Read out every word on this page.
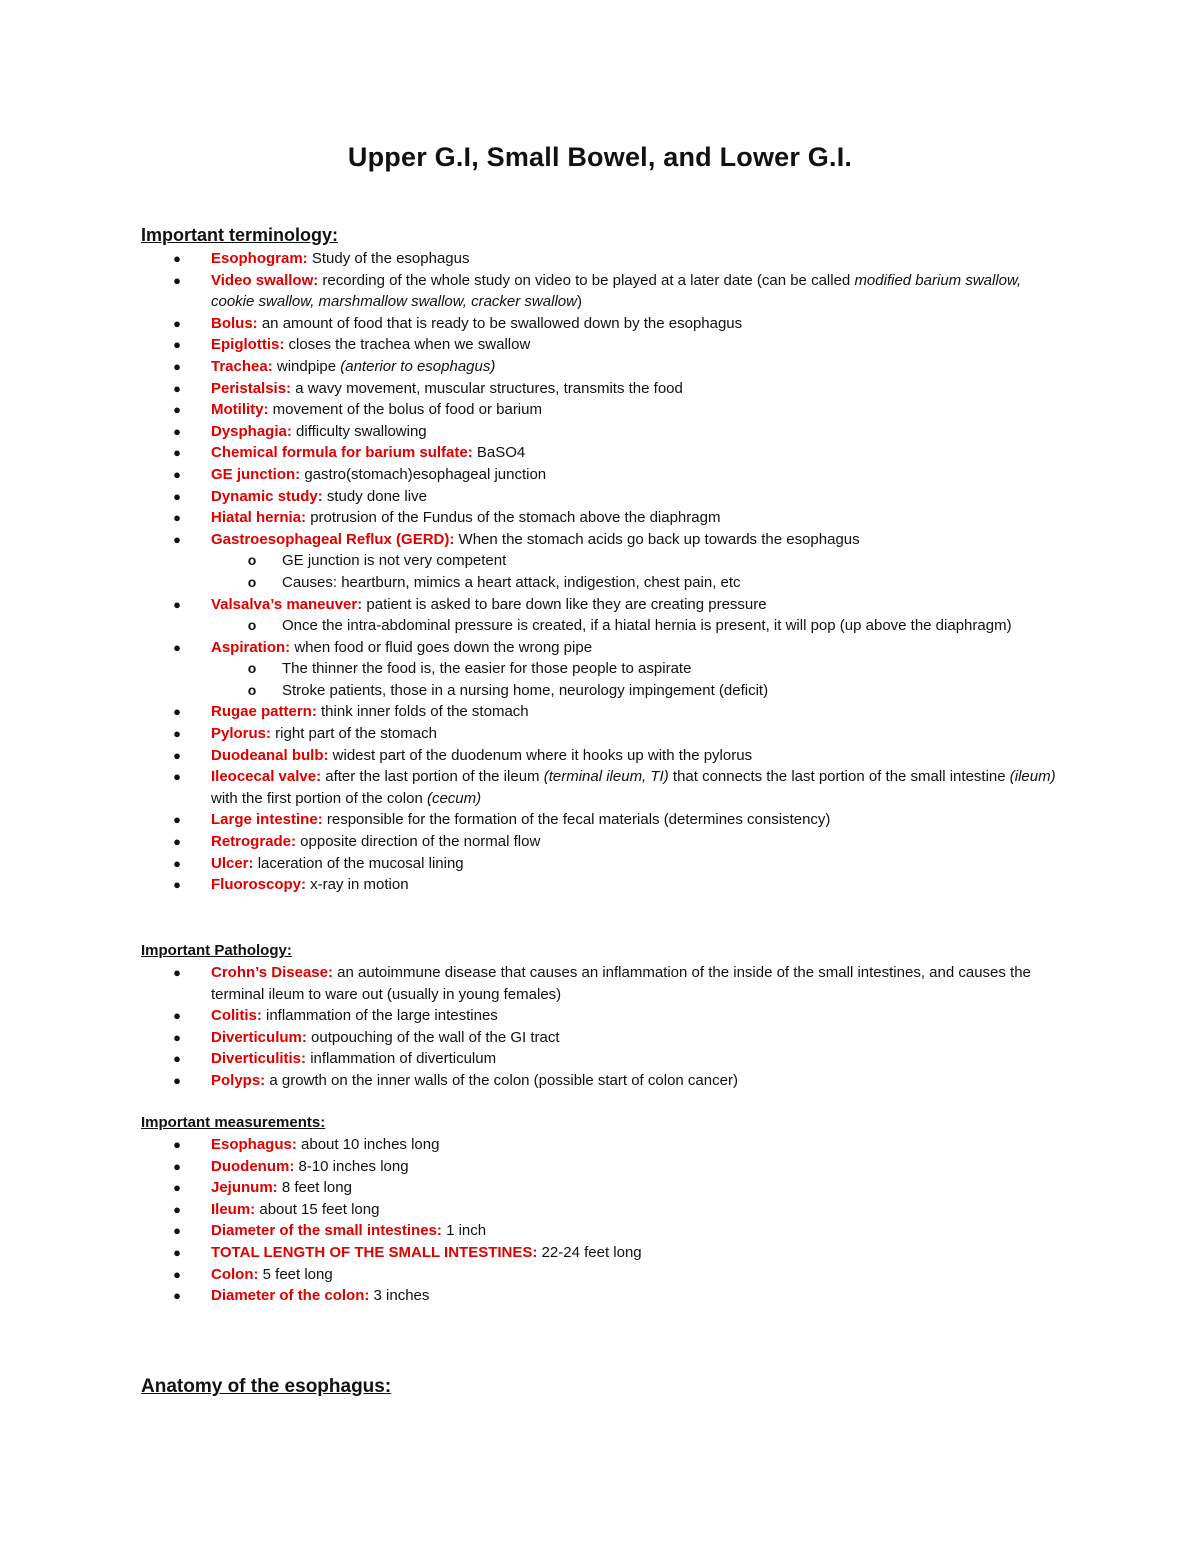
Upper G.I, Small Bowel, and Lower G.I.
Important terminology:
● Esophogram: Study of the esophagus
● Video swallow: recording of the whole study on video to be played at a later date (can be called modified barium swallow, cookie swallow, marshmallow swallow, cracker swallow)
● Bolus: an amount of food that is ready to be swallowed down by the esophagus
● Epiglottis: closes the trachea when we swallow
● Trachea: windpipe (anterior to esophagus)
● Peristalsis: a wavy movement, muscular structures, transmits the food
● Motility: movement of the bolus of food or barium
● Dysphagia: difficulty swallowing
● Chemical formula for barium sulfate: BaSO4
● GE junction: gastro(stomach)esophageal junction
● Dynamic study: study done live
● Hiatal hernia: protrusion of the Fundus of the stomach above the diaphragm
● Gastroesophageal Reflux (GERD): When the stomach acids go back up towards the esophagus
o GE junction is not very competent
o Causes: heartburn, mimics a heart attack, indigestion, chest pain, etc
● Valsalva’s maneuver: patient is asked to bare down like they are creating pressure
o Once the intra-abdominal pressure is created, if a hiatal hernia is present, it will pop (up above the diaphragm)
● Aspiration: when food or fluid goes down the wrong pipe
o The thinner the food is, the easier for those people to aspirate
o Stroke patients, those in a nursing home, neurology impingement (deficit)
● Rugae pattern: think inner folds of the stomach
● Pylorus: right part of the stomach
● Duodeanal bulb: widest part of the duodenum where it hooks up with the pylorus
● Ileocecal valve: after the last portion of the ileum (terminal ileum, TI) that connects the last portion of the small intestine (ileum) with the first portion of the colon (cecum)
● Large intestine: responsible for the formation of the fecal materials (determines consistency)
● Retrograde: opposite direction of the normal flow
● Ulcer: laceration of the mucosal lining
● Fluoroscopy: x-ray in motion
Important Pathology:
● Crohn’s Disease: an autoimmune disease that causes an inflammation of the inside of the small intestines, and causes the terminal ileum to ware out (usually in young females)
● Colitis: inflammation of the large intestines
● Diverticulum: outpouching of the wall of the GI tract
● Diverticulitis: inflammation of diverticulum
● Polyps: a growth on the inner walls of the colon (possible start of colon cancer)
Important measurements:
● Esophagus: about 10 inches long
● Duodenum: 8-10 inches long
● Jejunum: 8 feet long
● Ileum: about 15 feet long
● Diameter of the small intestines: 1 inch
● TOTAL LENGTH OF THE SMALL INTESTINES: 22-24 feet long
● Colon: 5 feet long
● Diameter of the colon: 3 inches
Anatomy of the esophagus:
